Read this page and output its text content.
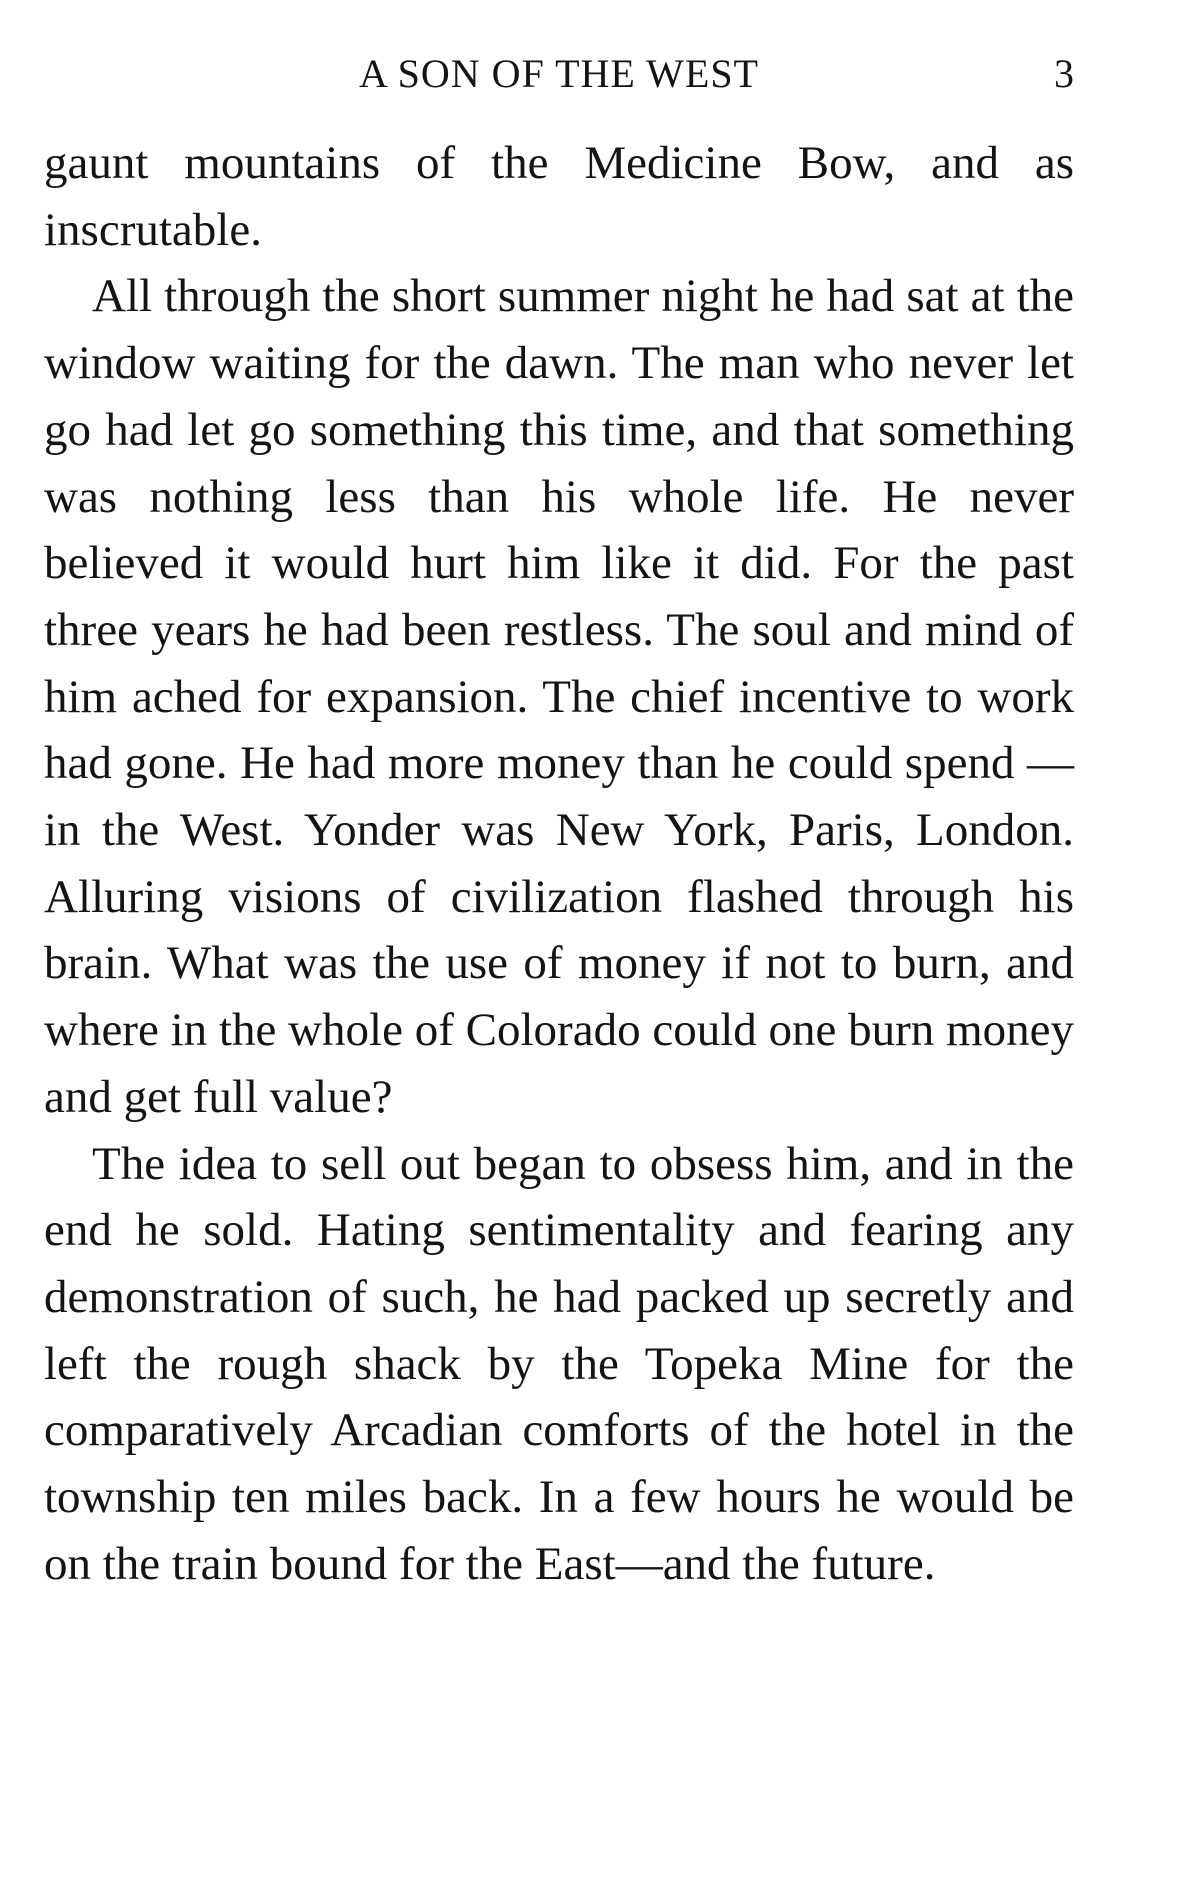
A SON OF THE WEST	3

gaunt mountains of the Medicine Bow, and as inscrutable.

All through the short summer night he had sat at the window waiting for the dawn. The man who never let go had let go something this time, and that something was nothing less than his whole life. He never believed it would hurt him like it did. For the past three years he had been restless. The soul and mind of him ached for expansion. The chief incentive to work had gone. He had more money than he could spend —in the West. Yonder was New York, Paris, London. Alluring visions of civilization flashed through his brain. What was the use of money if not to burn, and where in the whole of Colorado could one burn money and get full value?

The idea to sell out began to obsess him, and in the end he sold. Hating sentimentality and fearing any demonstration of such, he had packed up secretly and left the rough shack by the Topeka Mine for the comparatively Arcadian comforts of the hotel in the township ten miles back. In a few hours he would be on the train bound for the East—and the future.
